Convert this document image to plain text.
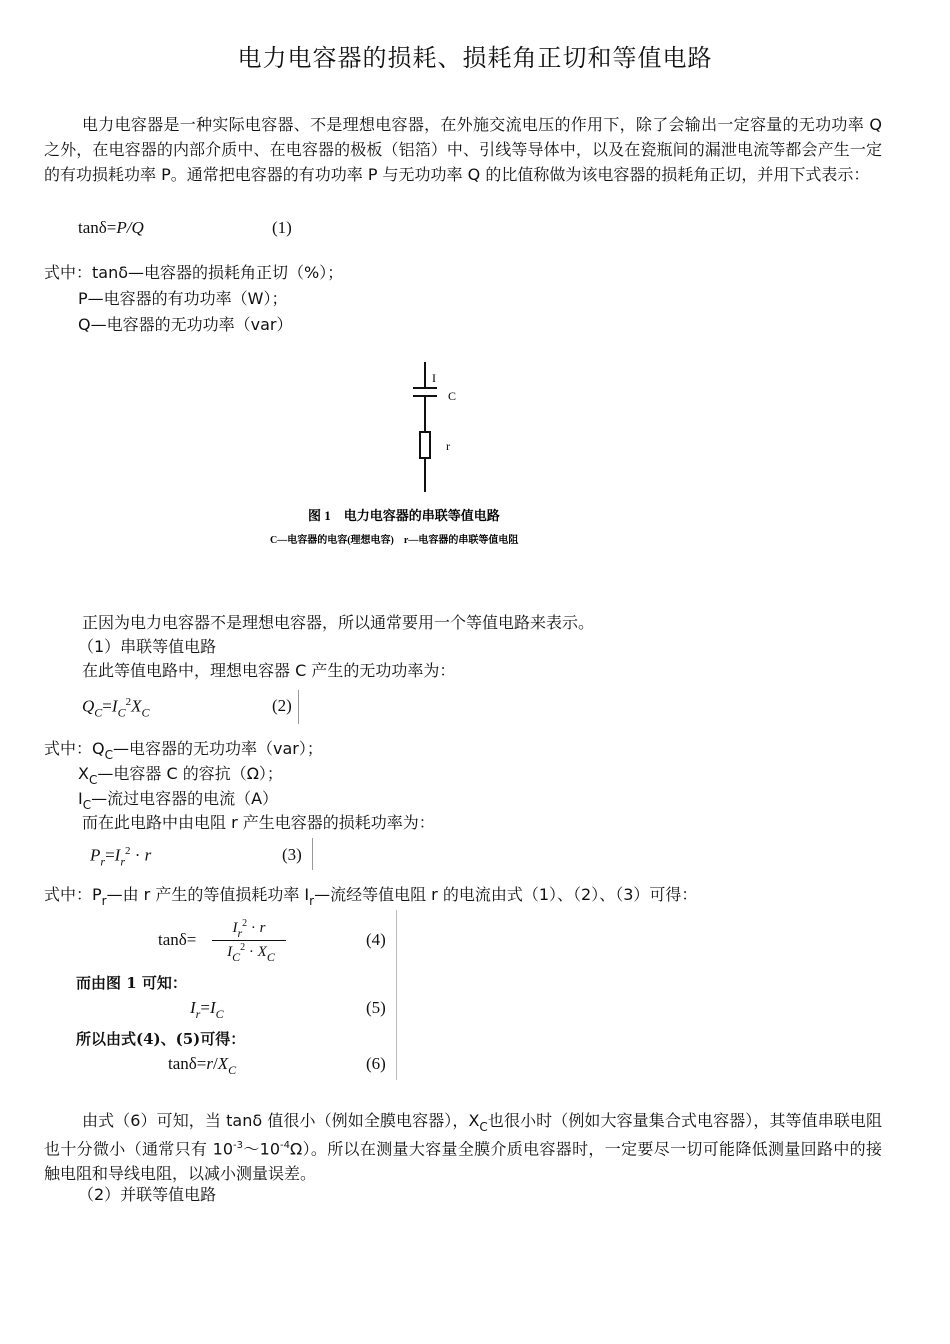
电力电容器的损耗、损耗角正切和等值电路

电力电容器是一种实际电容器、不是理想电容器，在外施交流电压的作用下，除了会输出一定容量的无功功率 Q 之外，在电容器的内部介质中、在电容器的极板（铝箔）中、引线等导体中，以及在瓷瓶间的漏泄电流等都会产生一定的有功损耗功率 P。通常把电容器的有功功率 P 与无功功率 Q 的比值称做为该电容器的损耗角正切，并用下式表示：

tanδ=P/Q	(1)
式中：tanδ—电容器的损耗角正切（%）；
P—电容器的有功功率（W）；
Q—电容器的无功功率（var）
I
C
r
图 1　电力电容器的串联等值电路
C—电容器的电容(理想电容)　r—电容器的串联等值电阻
正因为电力电容器不是理想电容器，所以通常要用一个等值电路来表示。
（1）串联等值电路
在此等值电路中，理想电容器 C 产生的无功功率为：
$Q_C=I_C^2X_C$	(2)
式中：$Q_C—$电容器的无功功率（var）；
$X_C—$电容器 C 的容抗（Ω）；
$I_C—$流过电容器的电流（A）
而在此电路中由电阻 r 产生电容器的损耗功率为：
$P_r=I_r^2 \cdot r$	(3)
式中：$P_r—$由 r 产生的等值损耗功率 $I_r—$流经等值电阻 r 的电流由式（1）、（2）、（3）可得：
tanδ=
$I_r^2 \cdot r$
$I_C^2 \cdot X_C$
(4)
而由图 1 可知：
$I_r=I_C$	(5)
所以由式(4)、(5)可得：
$\tan\delta=r/X_C$	(6)

由式（6）可知，当 tanδ 值很小（例如全膜电容器），$X_C$也很小时（例如大容量集合式电容器），其等值串联电阻也十分微小（通常只有 $10^{-3}\sim 10^{-4}\Omega$）。所以在测量大容量全膜介质电容器时，一定要尽一切可能降低测量回路中的接触电阻和导线电阻，以减小测量误差。

（2）并联等值电路
